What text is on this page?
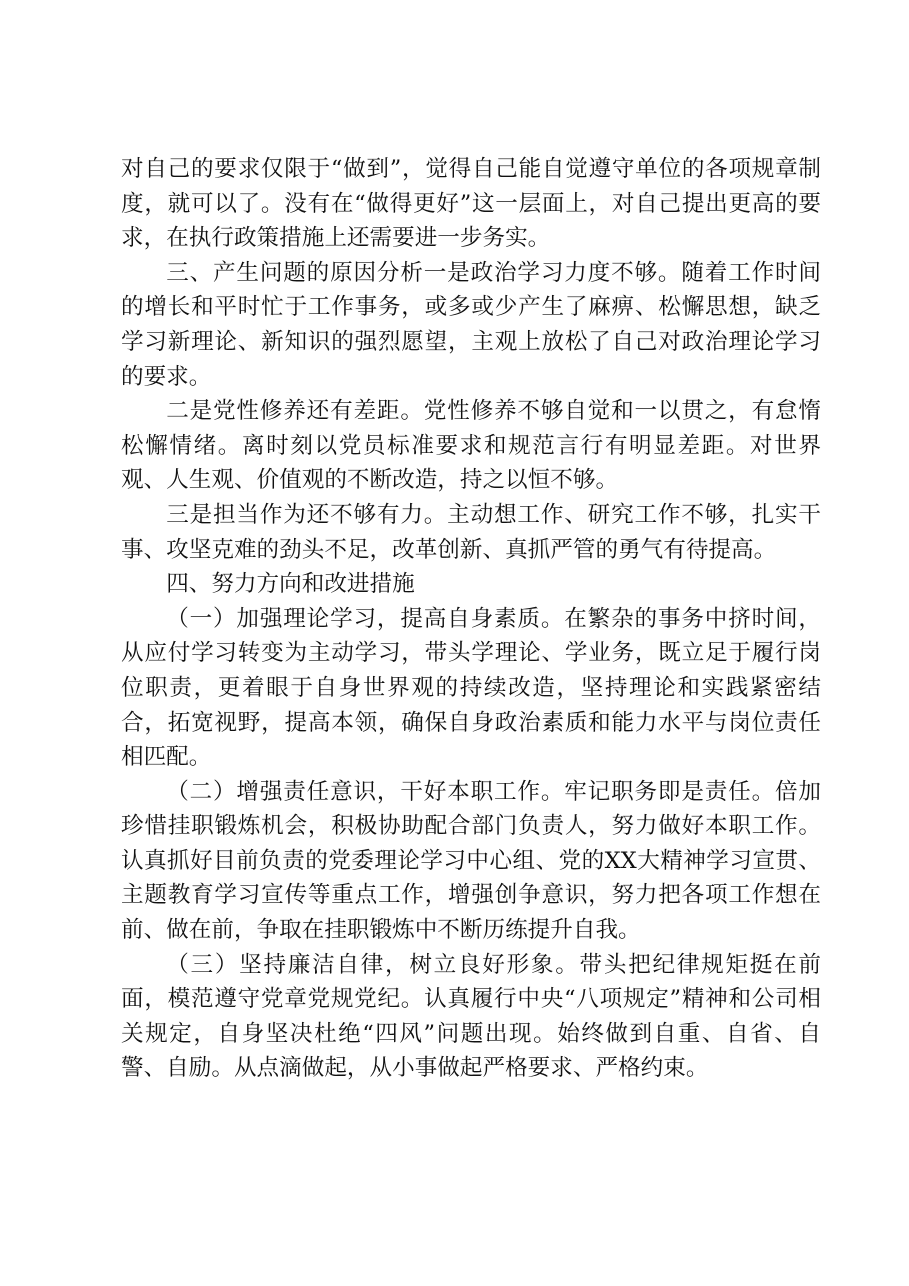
对自己的要求仅限于“做到”，觉得自己能自觉遵守单位的各项规章制度，就可以了。没有在“做得更好”这一层面上，对自己提出更高的要求，在执行政策措施上还需要进一步务实。

三、产生问题的原因分析一是政治学习力度不够。随着工作时间的增长和平时忙于工作事务，或多或少产生了麻痹、松懈思想，缺乏学习新理论、新知识的强烈愿望，主观上放松了自己对政治理论学习的要求。

二是党性修养还有差距。党性修养不够自觉和一以贯之，有怠惰松懈情绪。离时刻以党员标准要求和规范言行有明显差距。对世界观、人生观、价值观的不断改造，持之以恒不够。

三是担当作为还不够有力。主动想工作、研究工作不够，扎实干事、攻坚克难的劲头不足，改革创新、真抓严管的勇气有待提高。

四、努力方向和改进措施

（一）加强理论学习，提高自身素质。在繁杂的事务中挤时间，从应付学习转变为主动学习，带头学理论、学业务，既立足于履行岗位职责，更着眼于自身世界观的持续改造，坚持理论和实践紧密结合，拓宽视野，提高本领，确保自身政治素质和能力水平与岗位责任相匹配。

（二）增强责任意识，干好本职工作。牢记职务即是责任。倍加珍惜挂职锻炼机会，积极协助配合部门负责人，努力做好本职工作。认真抓好目前负责的党委理论学习中心组、党的XX大精神学习宣贯、主题教育学习宣传等重点工作，增强创争意识，努力把各项工作想在前、做在前，争取在挂职锻炼中不断历练提升自我。

（三）坚持廉洁自律，树立良好形象。带头把纪律规矩挺在前面，模范遵守党章党规党纪。认真履行中央“八项规定”精神和公司相关规定，自身坚决杜绝“四风”问题出现。始终做到自重、自省、自警、自励。从点滴做起，从小事做起严格要求、严格约束。
